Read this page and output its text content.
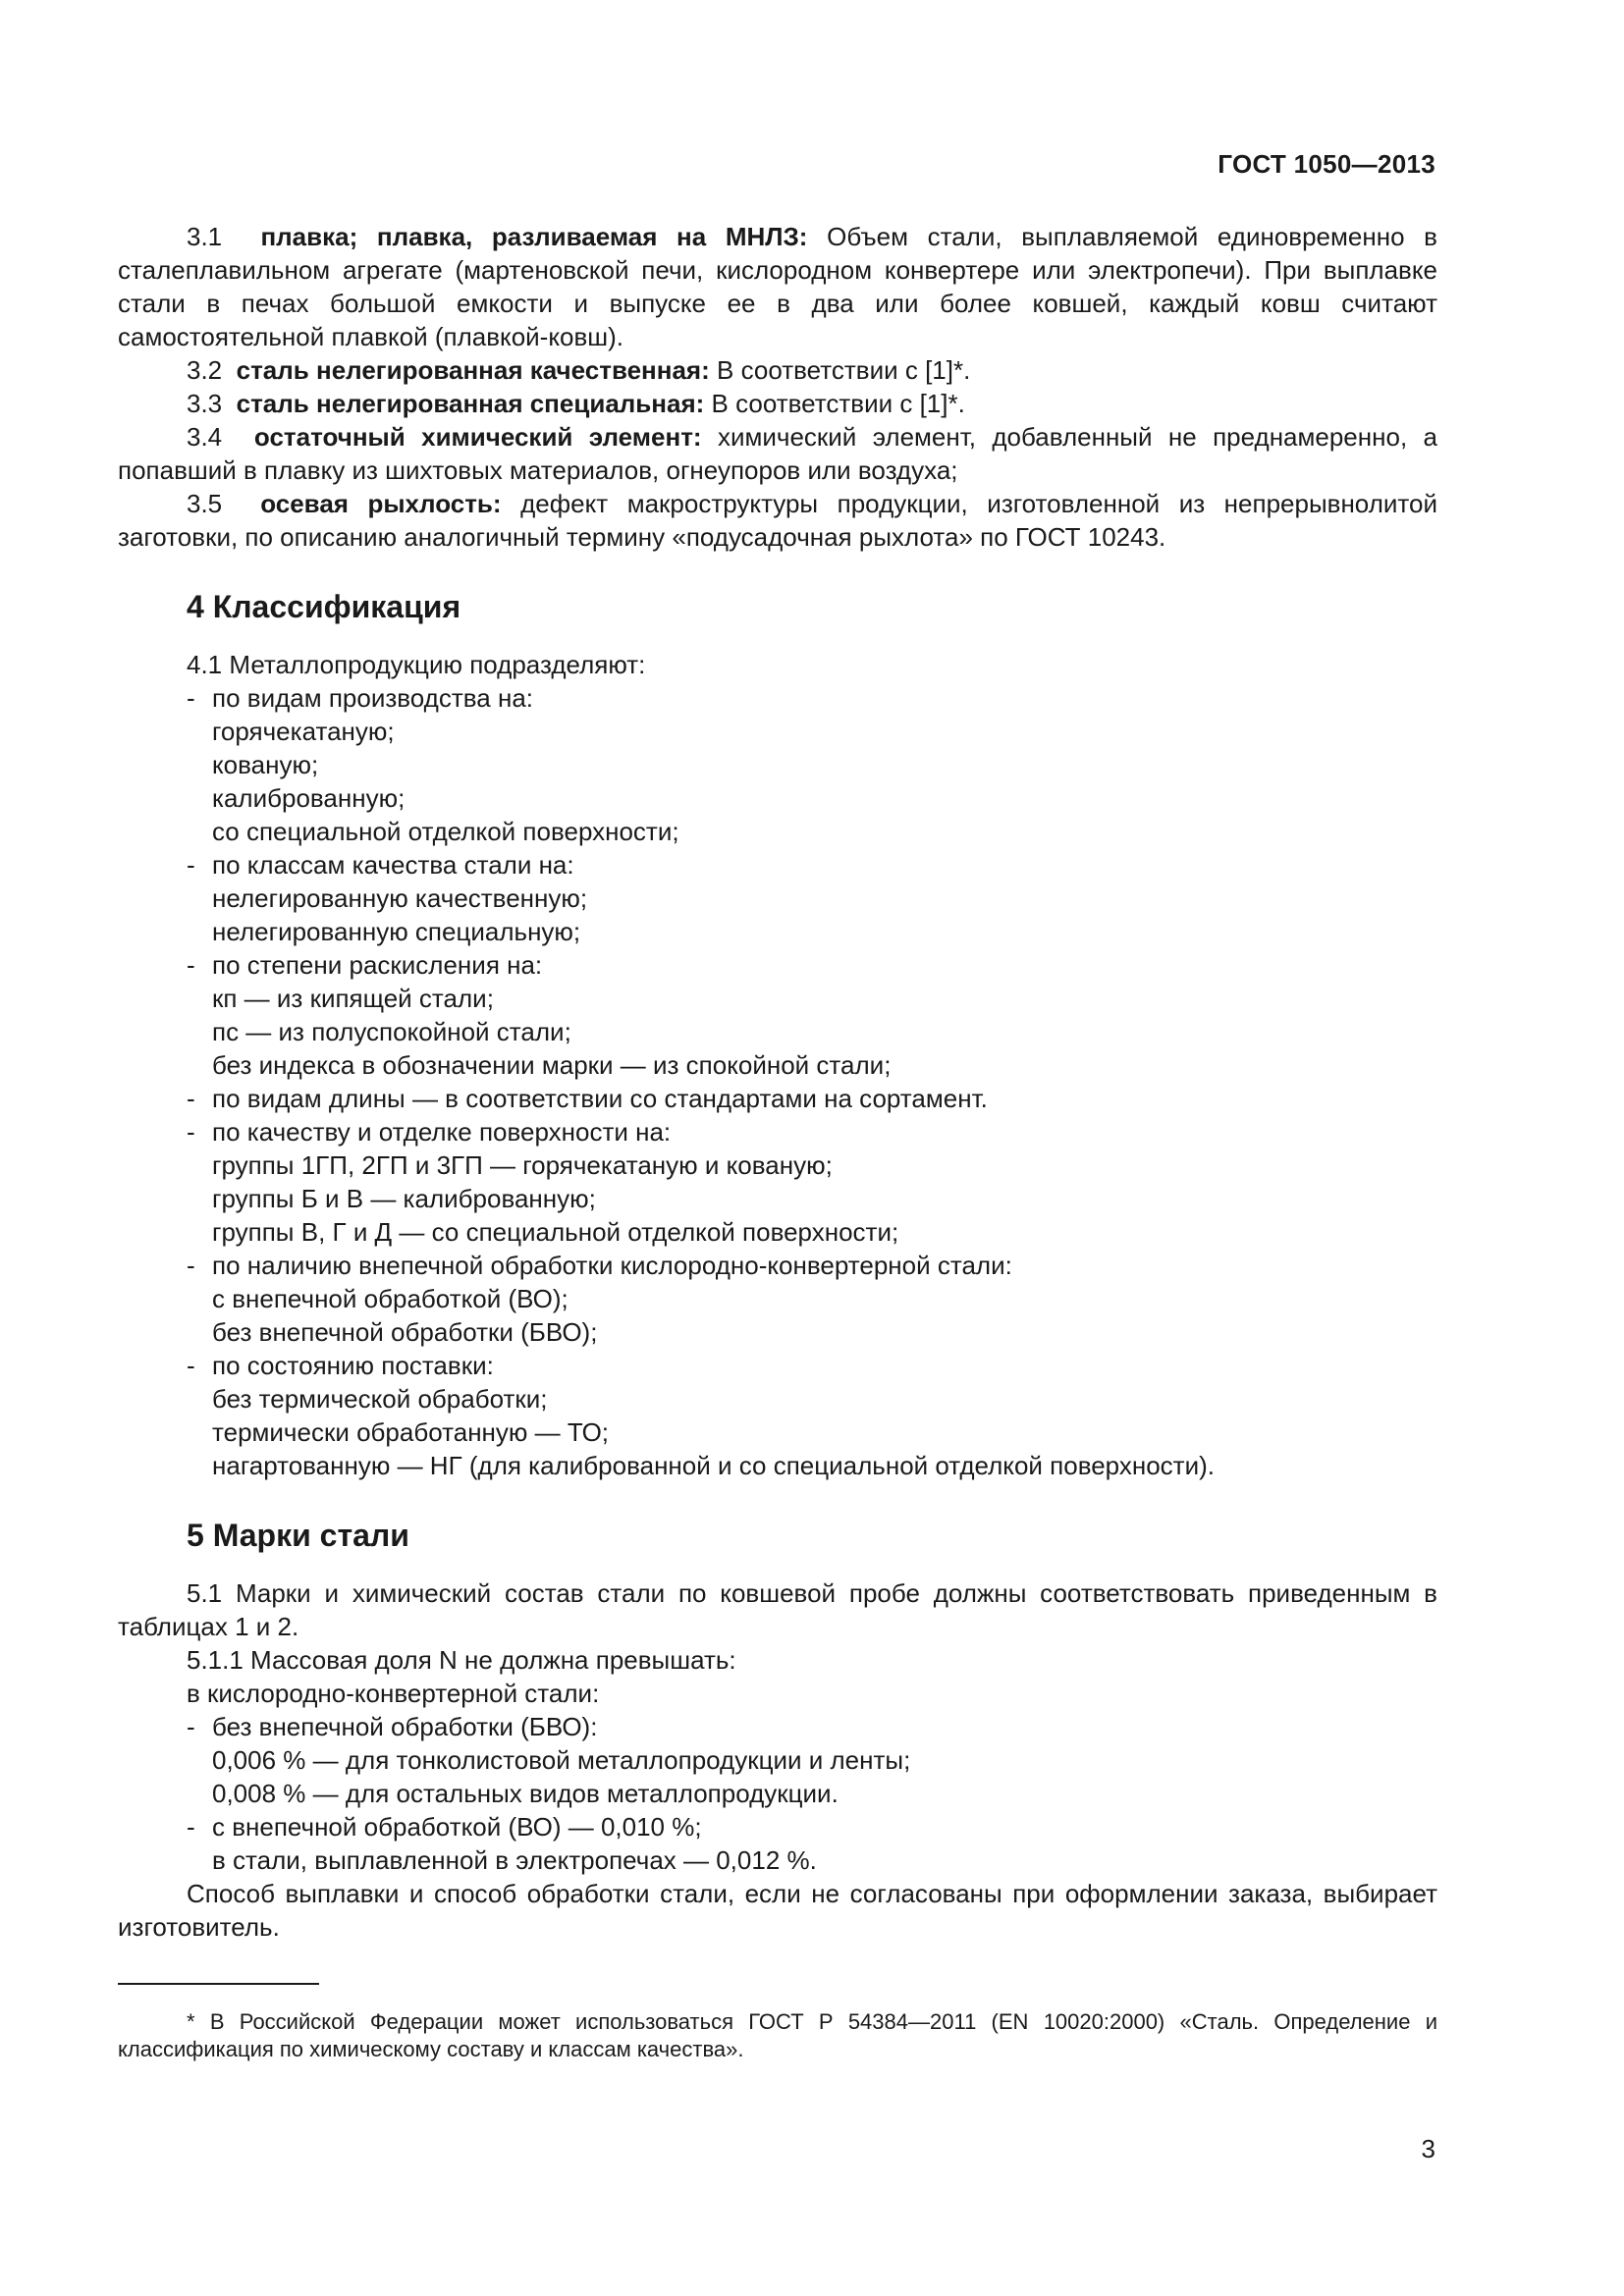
ГОСТ 1050—2013

3.1 плавка; плавка, разливаемая на МНЛЗ: Объем стали, выплавляемой единовременно в сталеплавильном агрегате (мартеновской печи, кислородном конвертере или электропечи). При выплавке стали в печах большой емкости и выпуске ее в два или более ковшей, каждый ковш считают самостоятельной плавкой (плавкой-ковш).

3.2 сталь нелегированная качественная: В соответствии с [1]*.

3.3 сталь нелегированная специальная: В соответствии с [1]*.

3.4 остаточный химический элемент: химический элемент, добавленный не преднамеренно, а попавший в плавку из шихтовых материалов, огнеупоров или воздуха;

3.5 осевая рыхлость: дефект макроструктуры продукции, изготовленной из непрерывнолитой заготовки, по описанию аналогичный термину «подусадочная рыхлота» по ГОСТ 10243.

4 Классификация
4.1 Металлопродукцию подразделяют:
- по видам производства на:
горячекатаную;
кованую;
калиброванную;
со специальной отделкой поверхности;
- по классам качества стали на:
нелегированную качественную;
нелегированную специальную;
- по степени раскисления на:
кп — из кипящей стали;
пс — из полуспокойной стали;
без индекса в обозначении марки — из спокойной стали;
- по видам длины — в соответствии со стандартами на сортамент.
- по качеству и отделке поверхности на:
группы 1ГП, 2ГП и 3ГП — горячекатаную и кованую;
группы Б и В — калиброванную;
группы В, Г и Д — со специальной отделкой поверхности;
- по наличию внепечной обработки кислородно-конвертерной стали:
с внепечной обработкой (ВО);
без внепечной обработки (БВО);
- по состоянию поставки:
без термической обработки;
термически обработанную — ТО;
нагартованную — НГ (для калиброванной и со специальной отделкой поверхности).
5 Марки стали

5.1 Марки и химический состав стали по ковшевой пробе должны соответствовать приведенным в таблицах 1 и 2.

5.1.1 Массовая доля N не должна превышать:
в кислородно-конвертерной стали:
- без внепечной обработки (БВО):
0,006 % — для тонколистовой металлопродукции и ленты;
0,008 % — для остальных видов металлопродукции.
- с внепечной обработкой (ВО) — 0,010 %;
в стали, выплавленной в электропечах — 0,012 %.

Способ выплавки и способ обработки стали, если не согласованы при оформлении заказа, выбирает изготовитель.

* В Российской Федерации может использоваться ГОСТ Р 54384—2011 (EN 10020:2000) «Сталь. Определение и классификация по химическому составу и классам качества».
3
